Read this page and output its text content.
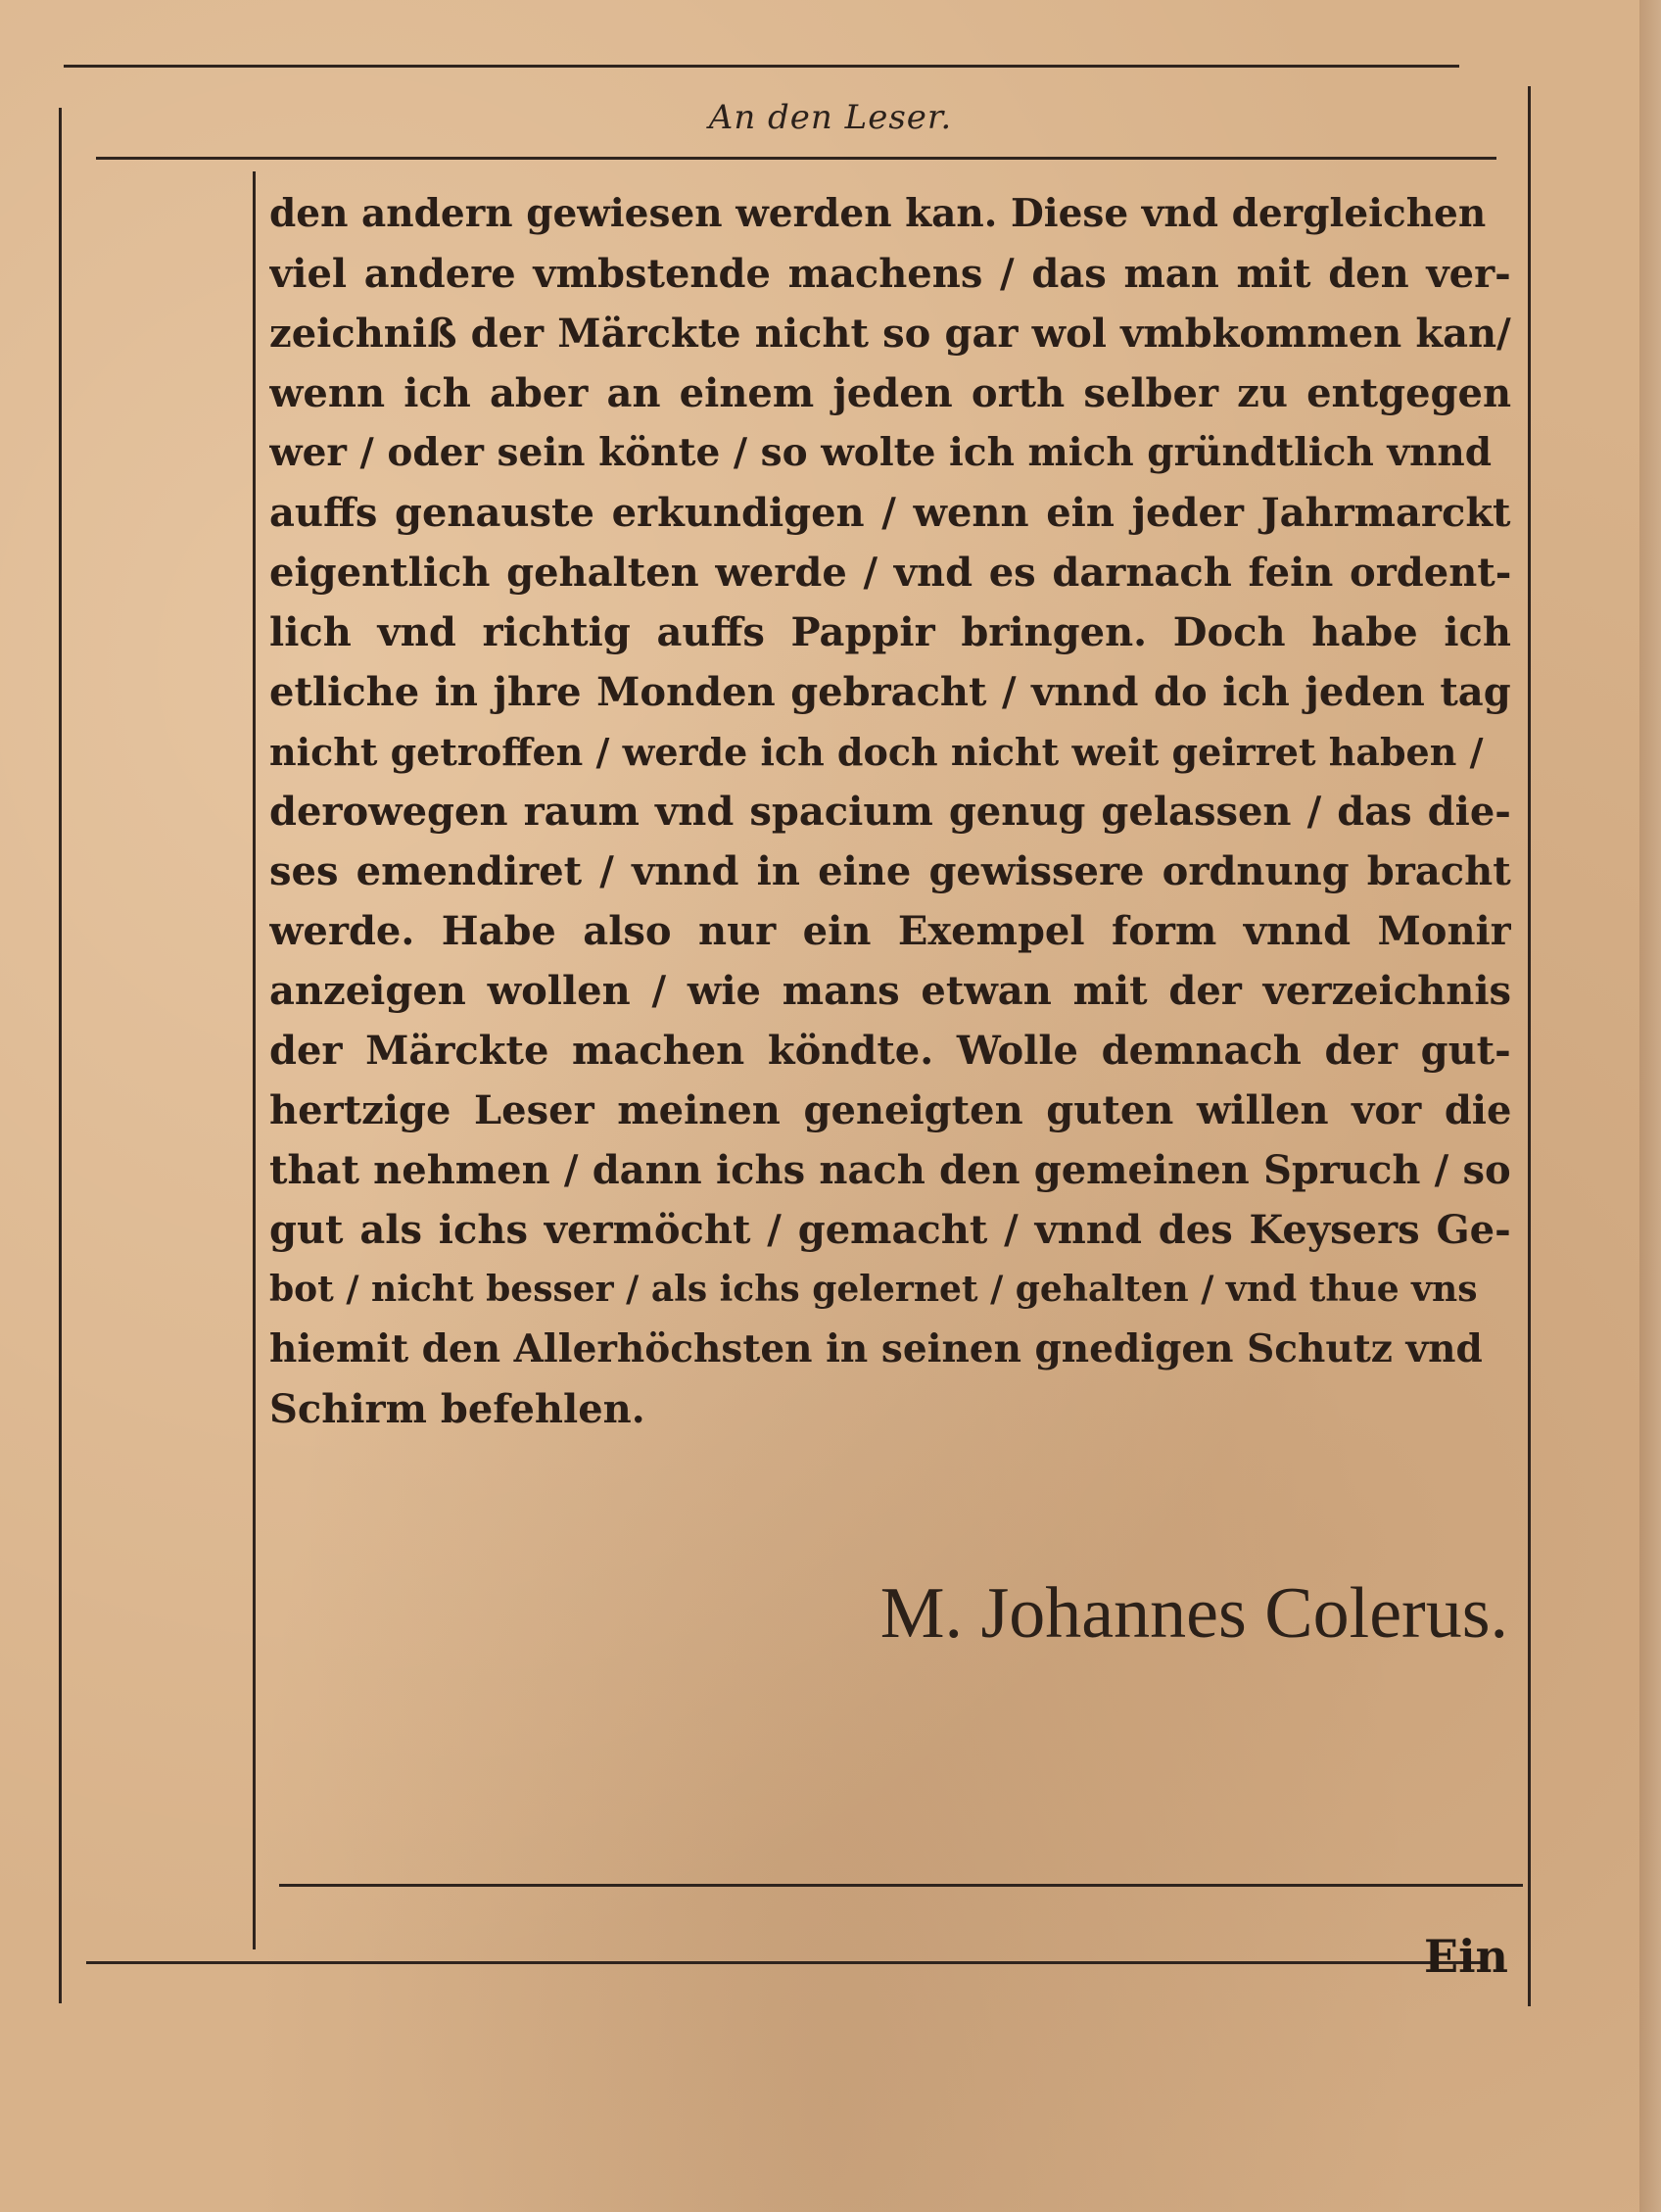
An den Leser.
den andern gewiesen werden kan. Diese vnd dergleichen
viel andere vmbstende machens / das man mit den ver-
zeichniß der Märckte nicht so gar wol vmbkommen kan/
wenn ich aber an einem jeden orth selber zu entgegen
wer / oder sein könte / so wolte ich mich gründtlich vnnd
auffs genauste erkundigen / wenn ein jeder Jahrmarckt
eigentlich gehalten werde / vnd es darnach fein ordent-
lich vnd richtig auffs Pappir bringen. Doch habe ich
etliche in jhre Monden gebracht / vnnd do ich jeden tag
nicht getroffen / werde ich doch nicht weit geirret haben /
derowegen raum vnd spacium genug gelassen / das die-
ses emendiret / vnnd in eine gewissere ordnung bracht
werde. Habe also nur ein Exempel form vnnd Monir
anzeigen wollen / wie mans etwan mit der verzeichnis
der Märckte machen köndte. Wolle demnach der gut-
hertzige Leser meinen geneigten guten willen vor die
that nehmen / dann ichs nach den gemeinen Spruch / so
gut als ichs vermöcht / gemacht / vnnd des Keysers Ge-
bot / nicht besser / als ichs gelernet / gehalten / vnd thue vns
hiemit den Allerhöchsten in seinen gnedigen Schutz vnd
Schirm befehlen.
M. Johannes Colerus.
Ein
